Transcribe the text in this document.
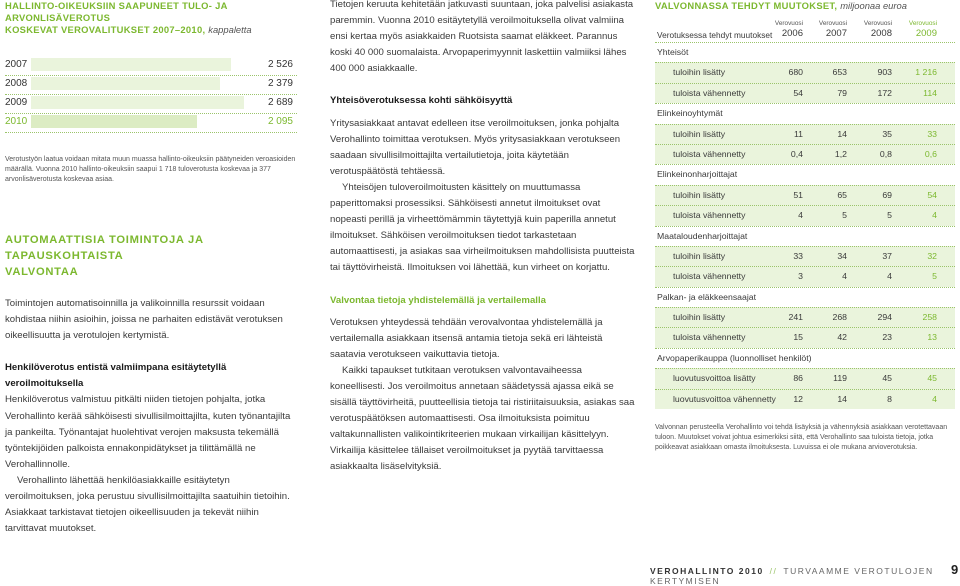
HALLINTO-OIKEUKSIIN SAAPUNEET TULO- JA ARVONLISÄVEROTUS
KOSKEVAT VEROVALITUKSET 2007–2010, kappaletta
2007	2 526
2008	2 379
2009	2 689
2010	2 095
Verotustyön laatua voidaan mitata muun muassa hallinto-oikeuksiin päätyneiden veroasioiden määrällä. Vuonna 2010 hallinto-oikeuksiin saapui 1 718 tuloverotusta koskevaa ja 377 arvonlisäverotusta koskevaa asiaa.
AUTOMAATTISIA TOIMINTOJA JA TAPAUSKOHTAISTA
VALVONTAA

Toimintojen automatisoinnilla ja valikoinnilla resurssit voidaan kohdistaa niihin asioihin, joissa ne parhaiten edistävät verotuksen oikeellisuutta ja verotulojen kertymistä.

Henkilöverotus entistä valmiimpana esitäytetyllä veroilmoituksella

Henkilöverotus valmistuu pitkälti niiden tietojen pohjalta, jotka Verohallinto kerää sähköisesti sivullisilmoittajilta, kuten työnantajilta ja pankeilta. Työnantajat huolehtivat verojen maksusta tekemällä työntekijöiden palkoista ennakonpidätykset ja tilittämällä ne Verohallinnolle.

Verohallinto lähettää henkilöasiakkaille esitäytetyn veroilmoituksen, joka perustuu sivullisilmoittajilta saatuihin tietoihin. Asiakkaat tarkistavat tietojen oikeellisuuden ja tekevät niihin tarvittavat muutokset.

Tietojen keruuta kehitetään jatkuvasti suuntaan, joka palvelisi asiakasta paremmin. Vuonna 2010 esitäytetyllä veroilmoituksella olivat valmiina ensi kertaa myös asiakkaiden Ruotsista saamat eläkkeet. Parannus koski 40 000 suomalaista. Arvopaperimyynnit laskettiin valmiiksi lähes 400 000 asiakkaalle.

Yhteisöverotuksessa kohti sähköisyyttä

Yritysasiakkaat antavat edelleen itse veroilmoituksen, jonka pohjalta Verohallinto toimittaa verotuksen. Myös yritysasiakkaan verotukseen saadaan sivullisilmoittajilta vertailutietoja, joita käytetään verotuspäätöstä tehtäessä.

Yhteisöjen tuloveroilmoitusten käsittely on muuttumassa paperittomaksi prosessiksi. Sähköisesti annetut ilmoitukset ovat nopeasti perillä ja virheettömämmin täytettyjä kuin paperilla annetut ilmoitukset. Sähköisen veroilmoituksen tiedot tarkastetaan automaattisesti, ja asiakas saa virheilmoituksen mahdollisista puutteista tai täyttövirheistä. Ilmoituksen voi lähettää, kun virheet on korjattu.

Valvontaa tietoja yhdistelemällä ja vertailemalla

Verotuksen yhteydessä tehdään verovalvontaa yhdistelemällä ja vertailemalla asiakkaan itsensä antamia tietoja sekä eri lähteistä saatavia verotukseen vaikuttavia tietoja.

Kaikki tapaukset tutkitaan verotuksen valvontavaiheessa koneellisesti. Jos veroilmoitus annetaan säädetyssä ajassa eikä se sisällä täyttövirheitä, puutteellisia tietoja tai ristiriitaisuuksia, asiakas saa verotuspäätöksen automaattisesti. Osa ilmoituksista poimituu valtakunnallisten valikointikriteerien mukaan virkailijan käsittelyyn. Virkailija käsittelee tällaiset veroilmoitukset ja pyytää tarvittaessa asiakkaalta lisäselvityksiä.

VALVONNASSA TEHDYT MUUTOKSET, miljoonaa euroa
Verotuksessa tehdyt muutokset
Verovuosi
2006
Verovuosi
2007
Verovuosi
2008
Verovuosi
2009
Yhteisöt
tuloihin lisätty	680	653	903	1 216
tuloista vähennetty	54	79	172	114
Elinkeinoyhtymät
tuloihin lisätty	11	14	35	33
tuloista vähennetty	0,4	1,2	0,8	0,6
Elinkeinonharjoittajat
tuloihin lisätty	51	65	69	54
tuloista vähennetty	4	5	5	4
Maataloudenharjoittajat
tuloihin lisätty	33	34	37	32
tuloista vähennetty	3	4	4	5
Palkan- ja eläkkeensaajat
tuloihin lisätty	241	268	294	258
tuloista vähennetty	15	42	23	13
Arvopaperikauppa (luonnolliset henkilöt)
luovutusvoittoa lisätty	86	119	45	45
luovutusvoittoa vähennetty	12	14	8	4
Valvonnan perusteella Verohallinto voi tehdä lisäyksiä ja vähennyksiä asiakkaan verotettavaan tuloon. Muutokset voivat johtua esimerkiksi siitä, että Verohallinto saa tuloista tietoja, jotka poikkeavat asiakkaan omasta ilmoituksesta. Luvuissa ei ole mukana arvioverotuksia.
VEROHALLINTO 2010 // TURVAAMME VEROTULOJEN KERTYMISEN
9
